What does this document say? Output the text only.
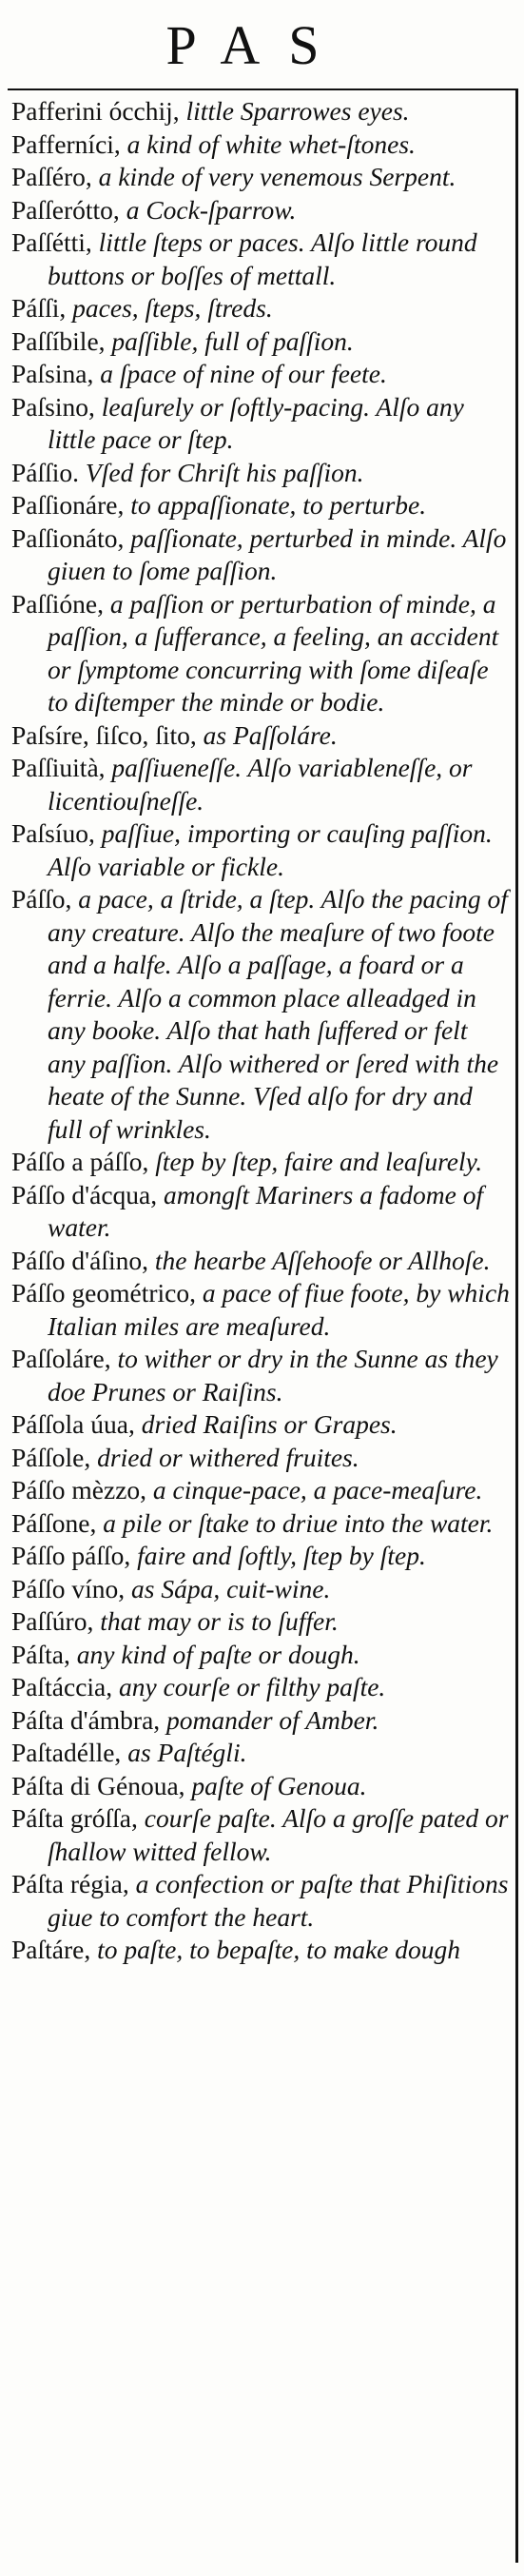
PAS

Pafferini ócchij, little Sparrowes eyes.

Pafferníci, a kind of white whet-ſtones.

Paſſéro, a kinde of very venemous Serpent.

Paſſerótto, a Cock-ſparrow.

Paſſétti, little ſteps or paces. Alſo little round buttons or boſſes of mettall.

Páſſi, paces, ſteps, ſtreds.

Paſſíbile, paſſible, full of paſſion.

Paſsina, a ſpace of nine of our feete.

Paſsino, leaſurely or ſoftly-pacing. Alſo any little pace or ſtep.

Páſſio. Vſed for Chriſt his paſſion.

Paſſionáre, to appaſſionate, to perturbe.

Paſſionáto, paſſionate, perturbed in minde. Alſo giuen to ſome paſſion.

Paſſióne, a paſſion or perturbation of minde, a paſſion, a ſufferance, a feeling, an accident or ſymptome concurring with ſome diſeaſe to diſtemper the minde or bodie.

Paſsíre, ſiſco, ſito, as Paſſoláre.

Paſſiuità, paſſiueneſſe. Alſo variableneſſe, or licentiouſneſſe.

Paſsíuo, paſſiue, importing or cauſing paſſion. Alſo variable or fickle.

Páſſo, a pace, a ſtride, a ſtep. Alſo the pacing of any creature. Alſo the meaſure of two foote and a halfe. Alſo a paſſage, a foard or a ferrie. Alſo a common place alleadged in any booke. Alſo that hath ſuffered or felt any paſſion. Alſo withered or ſered with the heate of the Sunne. Vſed alſo for dry and full of wrinkles.

Páſſo a páſſo, ſtep by ſtep, faire and leaſurely.

Páſſo d'ácqua, amongſt Mariners a fadome of water.

Páſſo d'áſino, the hearbe Aſſehoofe or Allhoſe.

Páſſo geométrico, a pace of fiue foote, by which Italian miles are meaſured.

Paſſoláre, to wither or dry in the Sunne as they doe Prunes or Raiſins.

Páſſola úua, dried Raiſins or Grapes.

Páſſole, dried or withered fruites.

Páſſo mèzzo, a cinque-pace, a pace-meaſure.

Páſſone, a pile or ſtake to driue into the water.

Páſſo páſſo, faire and ſoftly, ſtep by ſtep.

Páſſo víno, as Sápa, cuit-wine.

Paſſúro, that may or is to ſuffer.

Páſta, any kind of paſte or dough.

Paſtáccia, any courſe or filthy paſte.

Páſta d'ámbra, pomander of Amber.

Paſtadélle, as Paſtégli.

Páſta di Génoua, paſte of Genoua.

Páſta gróſſa, courſe paſte. Alſo a groſſe pated or ſhallow witted fellow.

Páſta régia, a confection or paſte that Phiſitions giue to comfort the heart.

Paſtáre, to paſte, to bepaſte, to make dough
